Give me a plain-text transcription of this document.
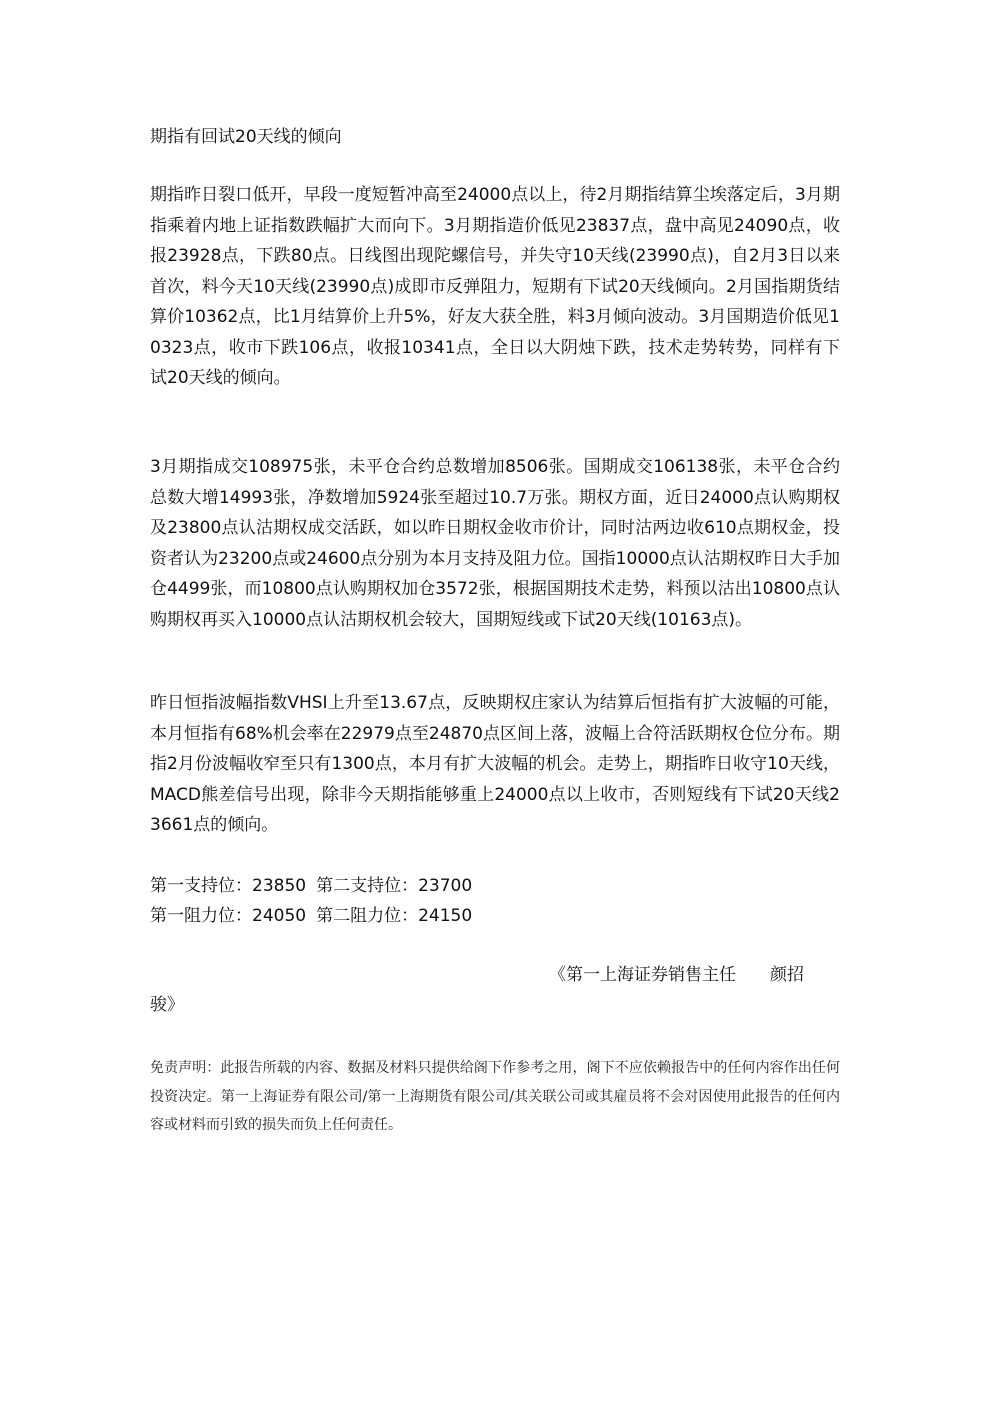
期指有回试20天线的倾向
期指昨日裂口低开，早段一度短暂冲高至24000点以上，待2月期指结算尘埃落定后，3月期指乘着内地上证指数跌幅扩大而向下。3月期指造价低见23837点，盘中高见24090点，收报23928点，下跌80点。日线图出现陀螺信号，并失守10天线(23990点)，自2月3日以来首次，料今天10天线(23990点)成即市反弹阻力，短期有下试20天线倾向。2月国指期货结算价10362点，比1月结算价上升5%，好友大获全胜，料3月倾向波动。3月国期造价低见10323点，收市下跌106点，收报10341点，全日以大阴烛下跌，技术走势转势，同样有下试20天线的倾向。
3月期指成交108975张，未平仓合约总数增加8506张。国期成交106138张，未平仓合约总数大增14993张，净数增加5924张至超过10.7万张。期权方面，近日24000点认购期权及23800点认沽期权成交活跃，如以昨日期权金收市价计，同时沽两边收610点期权金，投资者认为23200点或24600点分别为本月支持及阻力位。国指10000点认沽期权昨日大手加仓4499张，而10800点认购期权加仓3572张，根据国期技术走势，料预以沽出10800点认购期权再买入10000点认沽期权机会较大，国期短线或下试20天线(10163点)。
昨日恒指波幅指数VHSI上升至13.67点，反映期权庄家认为结算后恒指有扩大波幅的可能，本月恒指有68%机会率在22979点至24870点区间上落，波幅上合符活跃期权仓位分布。期指2月份波幅收窄至只有1300点，本月有扩大波幅的机会。走势上，期指昨日收守10天线，MACD熊差信号出现，除非今天期指能够重上24000点以上收市，否则短线有下试20天线23661点的倾向。
第一支持位：23850 第二支持位：23700
第一阻力位：24050 第二阻力位：24150
《第一上海证券销售主任　　颜招
骏》
免责声明：此报告所载的内容、数据及材料只提供给阁下作参考之用，阁下不应依赖报告中的任何内容作出任何投资决定。第一上海证券有限公司/第一上海期货有限公司/其关联公司或其雇员将不会对因使用此报告的任何内容或材料而引致的损失而负上任何责任。
